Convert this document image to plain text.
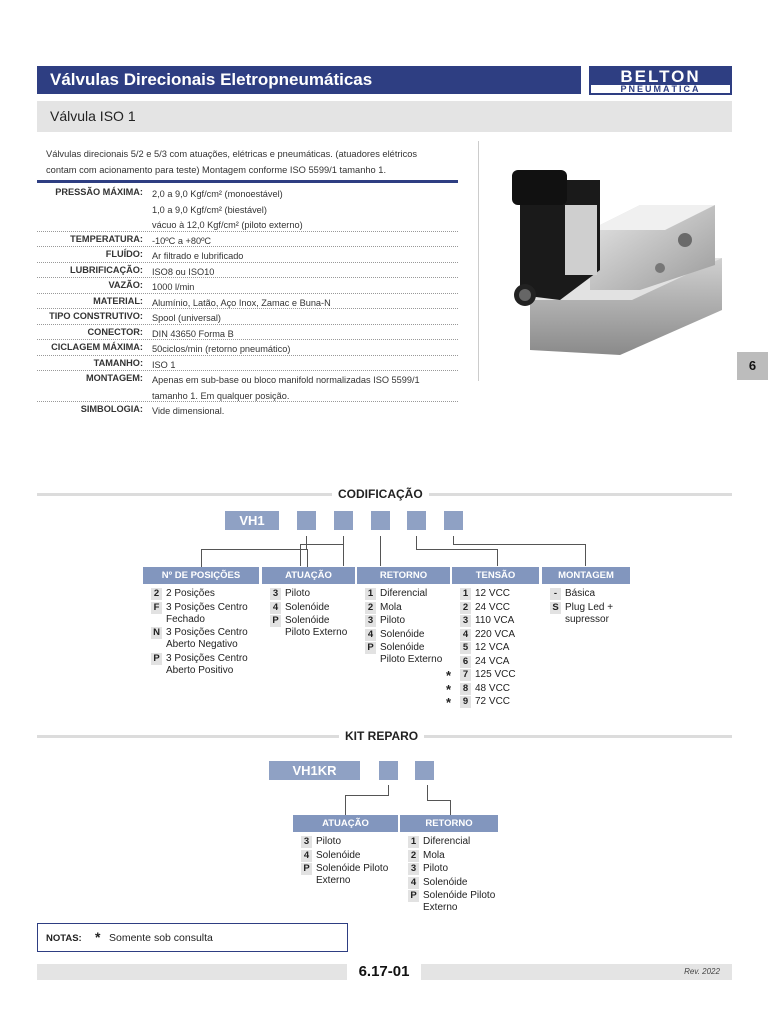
Válvulas Direcionais Eletropneumáticas	BELTON
PNEUMÁTICA
Válvula ISO 1
Válvulas direcionais 5/2 e 5/3 com atuações, elétricas e pneumáticas. (atuadores elétricos
contam com acionamento para teste) Montagem conforme ISO 5599/1 tamanho 1.
PRESSÃO MÁXIMA: 2,0 a 9,0 Kgf/cm² (monoestável)
1,0 a 9,0 Kgf/cm² (biestável)
vácuo à 12,0 Kgf/cm² (piloto externo)
TEMPERATURA: -10ºC a +80ºC
FLUÍDO: Ar filtrado e lubrificado
LUBRIFICAÇÃO: ISO8 ou ISO10
VAZÃO: 1000 l/min
MATERIAL: Alumínio, Latão, Aço Inox, Zamac e Buna-N
TIPO CONSTRUTIVO: Spool (universal)
CONECTOR: DIN 43650 Forma B
CICLAGEM MÁXIMA: 50ciclos/min (retorno pneumático)
TAMANHO: ISO 1
MONTAGEM: Apenas em sub-base ou bloco manifold normalizadas ISO 5599/1
tamanho 1. Em qualquer posição.
SIMBOLOGIA: Vide dimensional.
6
CODIFICAÇÃO
VH1
Nº DE POSIÇÕES
2 2 Posições
F 3 Posições Centro Fechado
N 3 Posições Centro Aberto Negativo
P 3 Posições Centro Aberto Positivo
ATUAÇÃO
3 Piloto
4 Solenóide
P Solenóide Piloto Externo
RETORNO
1 Diferencial
2 Mola
3 Piloto
4 Solenóide
P Solenóide Piloto Externo
TENSÃO
1 12 VCC
2 24 VCC
3 110 VCA
4 220 VCA
5 12 VCA
6 24 VCA
7
* 125 VCC
8
* 48 VCC
9
* 72 VCC
MONTAGEM
- Básica
S Plug Led + supressor
KIT REPARO
VH1KR
ATUAÇÃO
3 Piloto
4 Solenóide
P Solenóide Piloto Externo
RETORNO
1 Diferencial
2 Mola
3 Piloto
4 Solenóide
P Solenóide Piloto Externo
NOTAS: * Somente sob consulta
6.17-01	Rev. 2022
